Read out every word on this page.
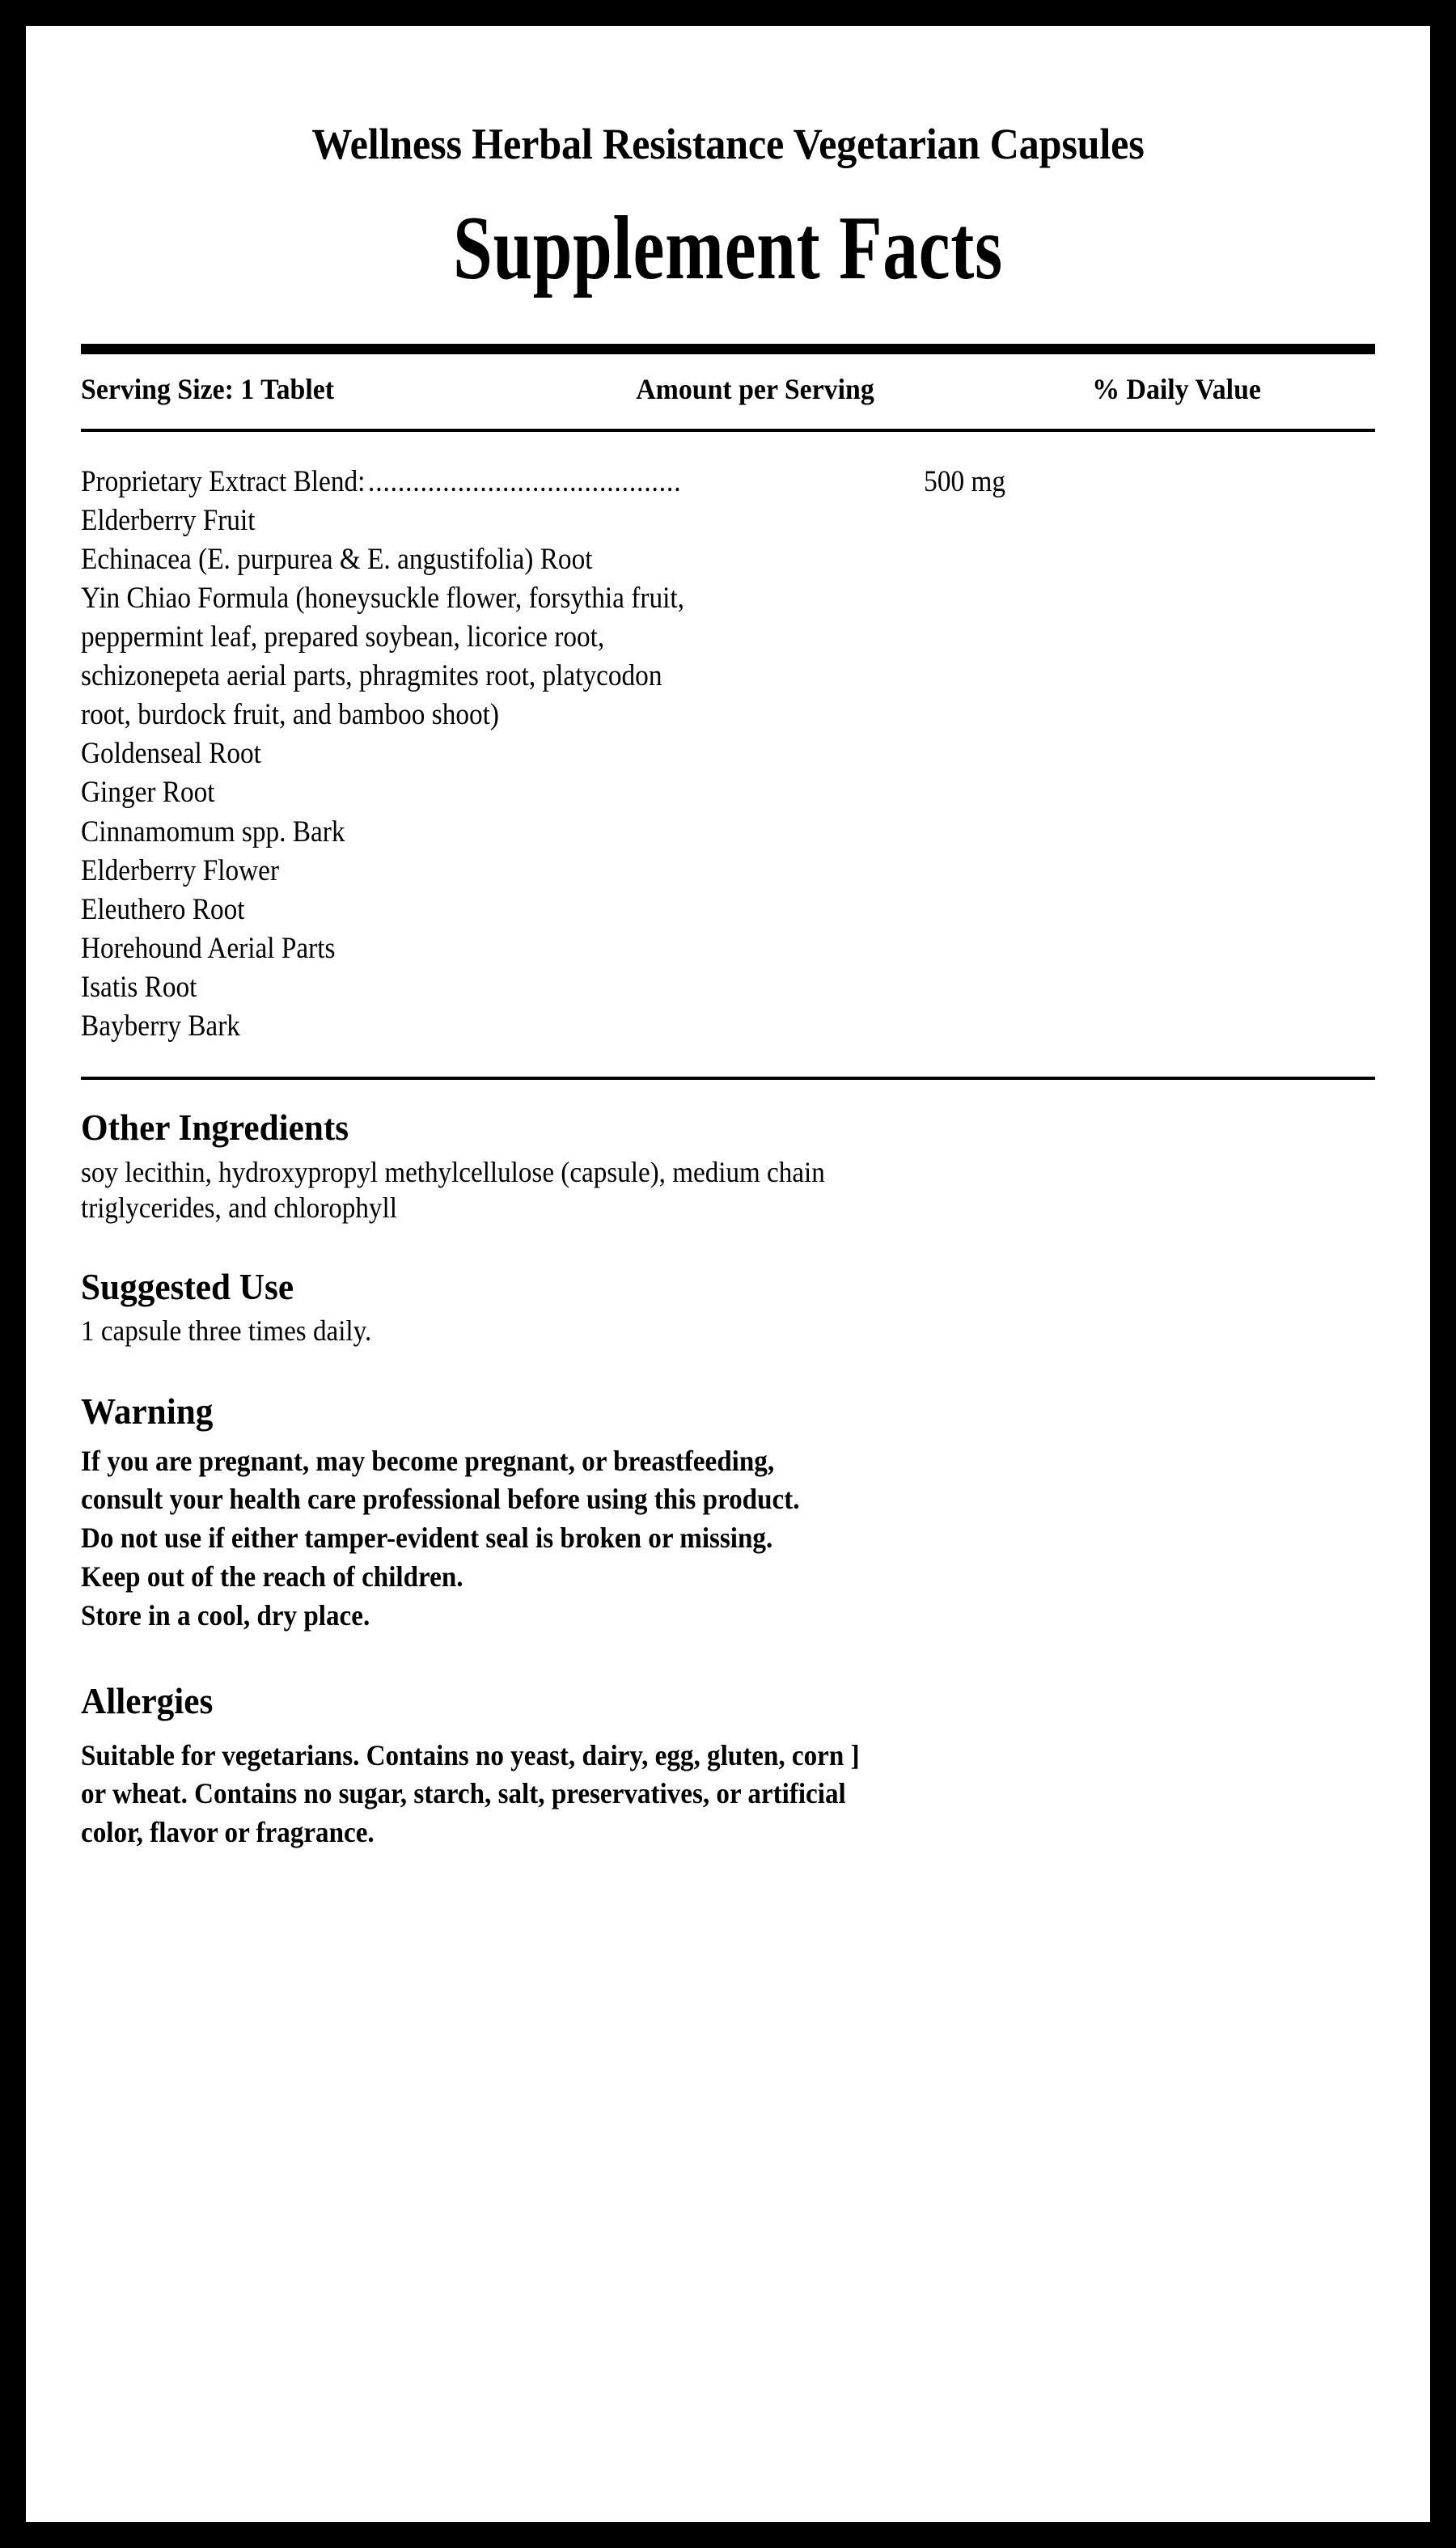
Wellness Herbal Resistance Vegetarian Capsules
Supplement Facts
Serving Size: 1 Tablet	Amount per Serving	% Daily Value
Proprietary Extract Blend: ..........................................	500 mg
Elderberry Fruit
Echinacea (E. purpurea & E. angustifolia) Root
Yin Chiao Formula (honeysuckle flower, forsythia fruit,
peppermint leaf, prepared soybean, licorice root,
schizonepeta aerial parts, phragmites root, platycodon
root, burdock fruit, and bamboo shoot)
Goldenseal Root
Ginger Root
Cinnamomum spp. Bark
Elderberry Flower
Eleuthero Root
Horehound Aerial Parts
Isatis Root
Bayberry Bark
Other Ingredients
soy lecithin, hydroxypropyl methylcellulose (capsule), medium chain
triglycerides, and chlorophyll
Suggested Use
1 capsule three times daily.
Warning
If you are pregnant, may become pregnant, or breastfeeding,
consult your health care professional before using this product.
Do not use if either tamper-evident seal is broken or missing.
Keep out of the reach of children.
Store in a cool, dry place.
Allergies
Suitable for vegetarians. Contains no yeast, dairy, egg, gluten, corn ]
or wheat. Contains no sugar, starch, salt, preservatives, or artificial
color, flavor or fragrance.
